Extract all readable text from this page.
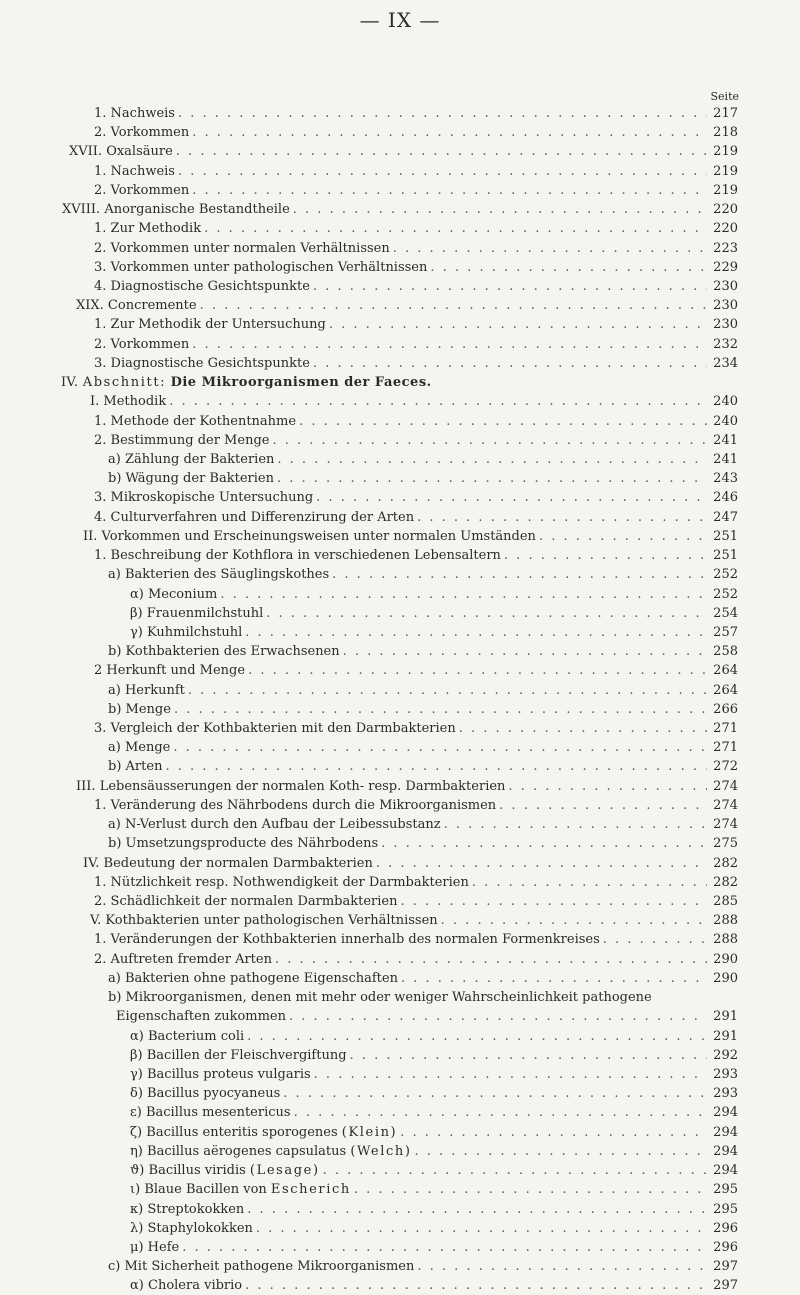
— IX —
Seite
1. Nachweis . . .	217
2. Vorkommen . . .	218
XVII. Oxalsäure . . .	219
1. Nachweis . . .	219
2. Vorkommen . . .	219
XVIII. Anorganische Bestandtheile . . .	220
1. Zur Methodik . . .	220
2. Vorkommen unter normalen Verhältnissen . . .	223
3. Vorkommen unter pathologischen Verhältnissen . . .	229
4. Diagnostische Gesichtspunkte . . .	230
XIX. Concremente . . .	230
1. Zur Methodik der Untersuchung . . .	230
2. Vorkommen . . .	232
3. Diagnostische Gesichtspunkte . . .	234
IV. Abschnitt: Die Mikroorganismen der Faeces.
I. Methodik . . .	240
1. Methode der Kothentnahme . . .	240
2. Bestimmung der Menge . . .	241
a) Zählung der Bakterien . . .	241
b) Wägung der Bakterien . . .	243
3. Mikroskopische Untersuchung . . .	246
4. Culturverfahren und Differenzirung der Arten . . .	247
II. Vorkommen und Erscheinungsweisen unter normalen Umständen . . .	251
1. Beschreibung der Kothflora in verschiedenen Lebensaltern . . .	251
a) Bakterien des Säuglingskothes . . .	252
α) Meconium . . .	252
β) Frauenmilchstuhl . . .	254
γ) Kuhmilchstuhl . . .	257
b) Kothbakterien des Erwachsenen . . .	258
2 Herkunft und Menge . . .	264
a) Herkunft . . .	264
b) Menge . . .	266
3. Vergleich der Kothbakterien mit den Darmbakterien . . .	271
a) Menge . . .	271
b) Arten . . .	272
III. Lebensäusserungen der normalen Koth- resp. Darmbakterien . . .	274
1. Veränderung des Nährbodens durch die Mikroorganismen . . .	274
a) N-Verlust durch den Aufbau der Leibessubstanz . . .	274
b) Umsetzungsproducte des Nährbodens . . .	275
IV. Bedeutung der normalen Darmbakterien . . .	282
1. Nützlichkeit resp. Nothwendigkeit der Darmbakterien . . .	282
2. Schädlichkeit der normalen Darmbakterien . . .	285
V. Kothbakterien unter pathologischen Verhältnissen . . .	288
1. Veränderungen der Kothbakterien innerhalb des normalen Formenkreises . . .	288
2. Auftreten fremder Arten . . .	290
a) Bakterien ohne pathogene Eigenschaften . . .	290
b) Mikroorganismen, denen mit mehr oder weniger Wahrscheinlichkeit pathogene
Eigenschaften zukommen . . .	291
α) Bacterium coli . . .	291
β) Bacillen der Fleischvergiftung . . .	292
γ) Bacillus proteus vulgaris . . .	293
δ) Bacillus pyocyaneus . . .	293
ε) Bacillus mesentericus . . .	294
ζ) Bacillus enteritis sporogenes (Klein) . . .	294
η) Bacillus aërogenes capsulatus (Welch) . . .	294
ϑ) Bacillus viridis (Lesage) . . .	294
ι) Blaue Bacillen von Escherich . . .	295
κ) Streptokokken . . .	295
λ) Staphylokokken . . .	296
μ) Hefe . . .	296
c) Mit Sicherheit pathogene Mikroorganismen . . .	297
α) Cholera vibrio . . .	297
